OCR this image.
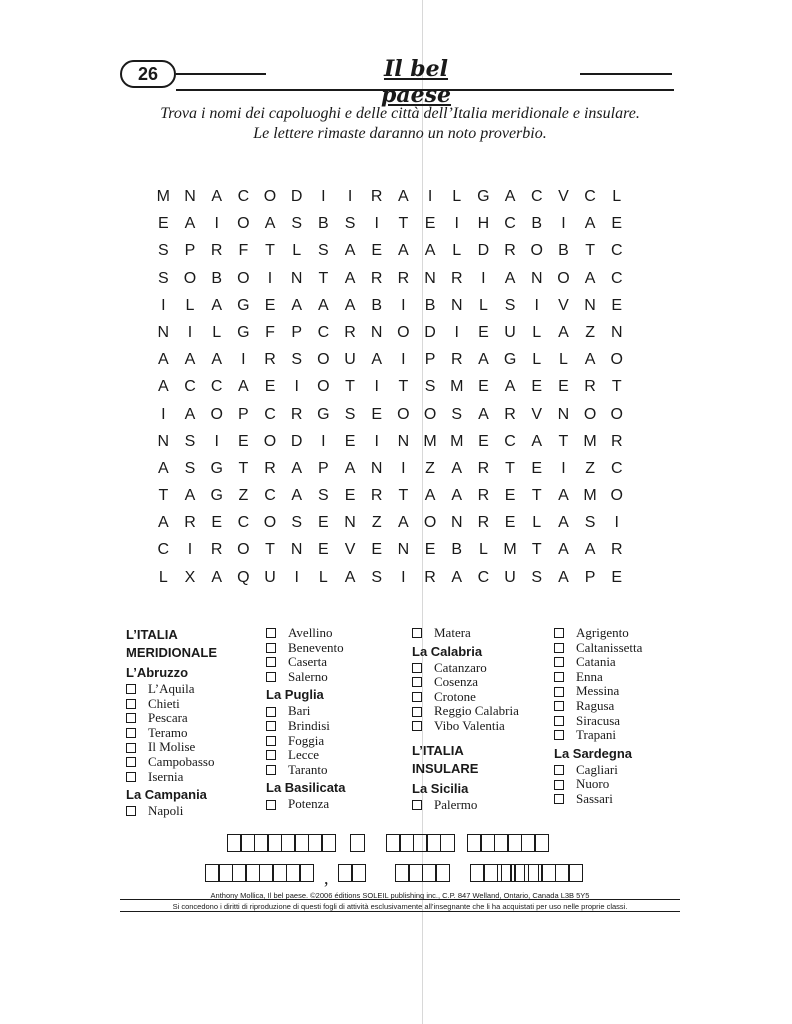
26	Il bel paese
Trova i nomi dei capoluoghi e delle città dell’Italia meridionale e insulare.
Le lettere rimaste daranno un noto proverbio.
M N A C O D	I	I	R A	I	L	G A C V C	L
E	A	I	O A	S	B	S	I	T	E	I	H C B	I	A	E
S	P R	F	T	L	S	A	E	A	A	L	D R O B	T	C
S O B O	I	N	T	A R R N R	I	A N O A C
I	L	A G E	A	A	A	B	I	B N	L	S	I	V N E
N	I	L	G F	P C R N O D	I	E U	L	A	Z	N
A	A	A	I	R S O U A	I	P R A G L	L	A O
A C C A	E	I	O T	I	T	S M E	A	E	E R	T
I	A O P C R G S	E O O S	A R V N O O
N S	I	E O D	I	E	I	N M M E C A	T M R
A	S G T	R A	P	A N	I	Z	A R	T	E	I	Z	C
T	A G Z	C A	S	E R	T	A	A R E	T	A M O
A R E C O S	E N	Z	A O N R E	L	A	S	I
C	I	R O T	N E	V	E N E	B	L M T	A	A R
L	X	A Q U	I	L	A	S	I	R A C U S	A	P	E
L’ITALIA
MERIDIONALE
L’Abruzzo
L’Aquila
Chieti
Pescara
Teramo
Il Molise
Campobasso
Isernia
La Campania
Napoli
Avellino
Benevento
Caserta
Salerno
La Puglia
Bari
Brindisi
Foggia
Lecce
Taranto
La Basilicata
Potenza
Matera
La Calabria
Catanzaro
Cosenza
Crotone
Reggio Calabria
Vibo Valentia
L’ITALIA
INSULARE
La Sicilia
Palermo
Agrigento
Caltanissetta
Catania
Enna
Messina
Ragusa
Siracusa
Trapani
La Sardegna
Cagliari
Nuoro
Sassari
,
Anthony Mollica, Il bel paese. ©2006 éditions SOLEIL publishing inc., C.P. 847 Welland, Ontario, Canada L3B 5Y5
Si concedono i diritti di riproduzione di questi fogli di attività esclusivamente all’insegnante che li ha acquistati per uso nelle proprie classi.
